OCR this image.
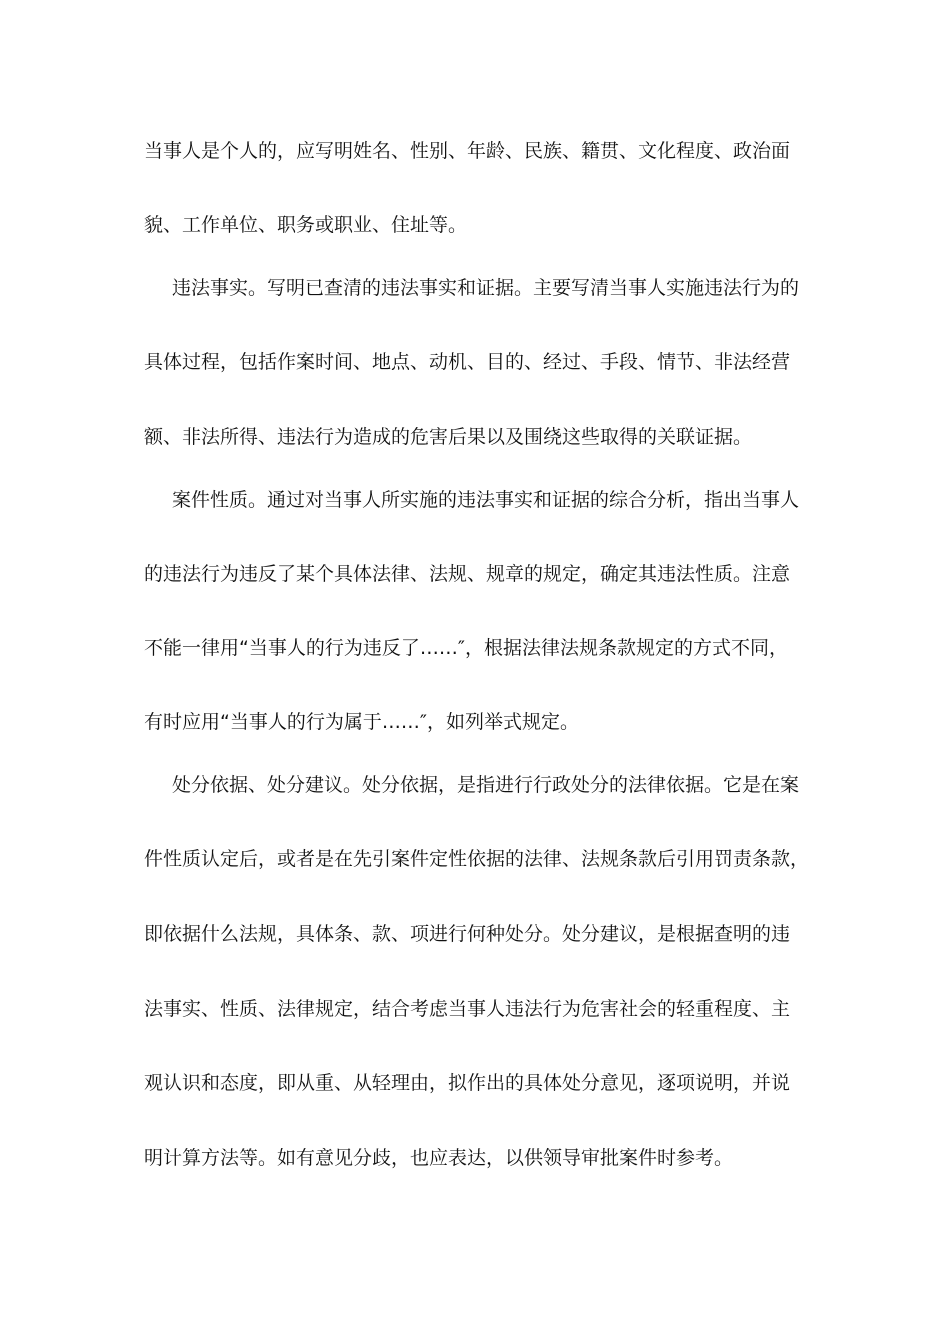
当事人是个人的，应写明姓名、性别、年龄、民族、籍贯、文化程度、政治面
貌、工作单位、职务或职业、住址等。
违法事实。写明已查清的违法事实和证据。主要写清当事人实施违法行为的
具体过程，包括作案时间、地点、动机、目的、经过、手段、情节、非法经营
额、非法所得、违法行为造成的危害后果以及围绕这些取得的关联证据。
案件性质。通过对当事人所实施的违法事实和证据的综合分析，指出当事人
的违法行为违反了某个具体法律、法规、规章的规定，确定其违法性质。注意
不能一律用“当事人的行为违反了……″，根据法律法规条款规定的方式不同，
有时应用“当事人的行为属于……″，如列举式规定。
处分依据、处分建议。处分依据，是指进行行政处分的法律依据。它是在案
件性质认定后，或者是在先引案件定性依据的法律、法规条款后引用罚责条款，
即依据什么法规，具体条、款、项进行何种处分。处分建议，是根据查明的违
法事实、性质、法律规定，结合考虑当事人违法行为危害社会的轻重程度、主
观认识和态度，即从重、从轻理由，拟作出的具体处分意见，逐项说明，并说
明计算方法等。如有意见分歧，也应表达，以供领导审批案件时参考。
